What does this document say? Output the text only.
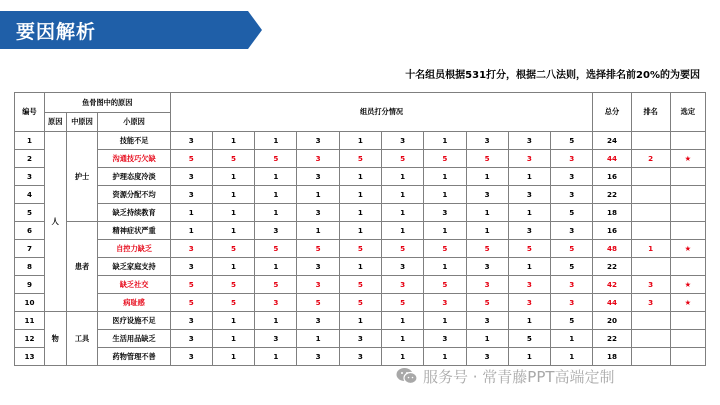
要因解析
十名组员根据531打分，根据二八法则，选择排名前20%的为要因
编号	鱼骨图中的原因			组员打分情况										总分	排名	选定
	原因	中原因	小原因													
1	人	护士	技能不足	3	1	1	3	1	3	1	3	3	5	24		
2			沟通技巧欠缺	5	5	5	3	5	5	5	5	3	3	44	2	★
3			护理态度冷淡	3	1	1	3	1	1	1	1	1	3	16		
4			资源分配不均	3	1	1	1	1	1	1	3	3	3	22		
5			缺乏持续教育	1	1	1	3	1	1	3	1	1	5	18		
6		患者	精神症状严重	1	1	3	1	1	1	1	1	3	3	16		
7			自控力缺乏	3	5	5	5	5	5	5	5	5	5	48	1	★
8			缺乏家庭支持	3	1	1	3	1	3	1	3	1	5	22		
9			缺乏社交	5	5	5	3	5	3	5	3	3	3	42	3	★
10			病耻感	5	5	3	5	5	5	3	5	3	3	44	3	★
11	物	工具	医疗设施不足	3	1	1	3	1	1	1	3	1	5	20		
12			生活用品缺乏	3	1	3	1	3	1	3	1	5	1	22		
13			药物管理不善	3	1	1	3	3	1	1	3	1	1	18		
服务号 · 常青藤PPT高端定制
